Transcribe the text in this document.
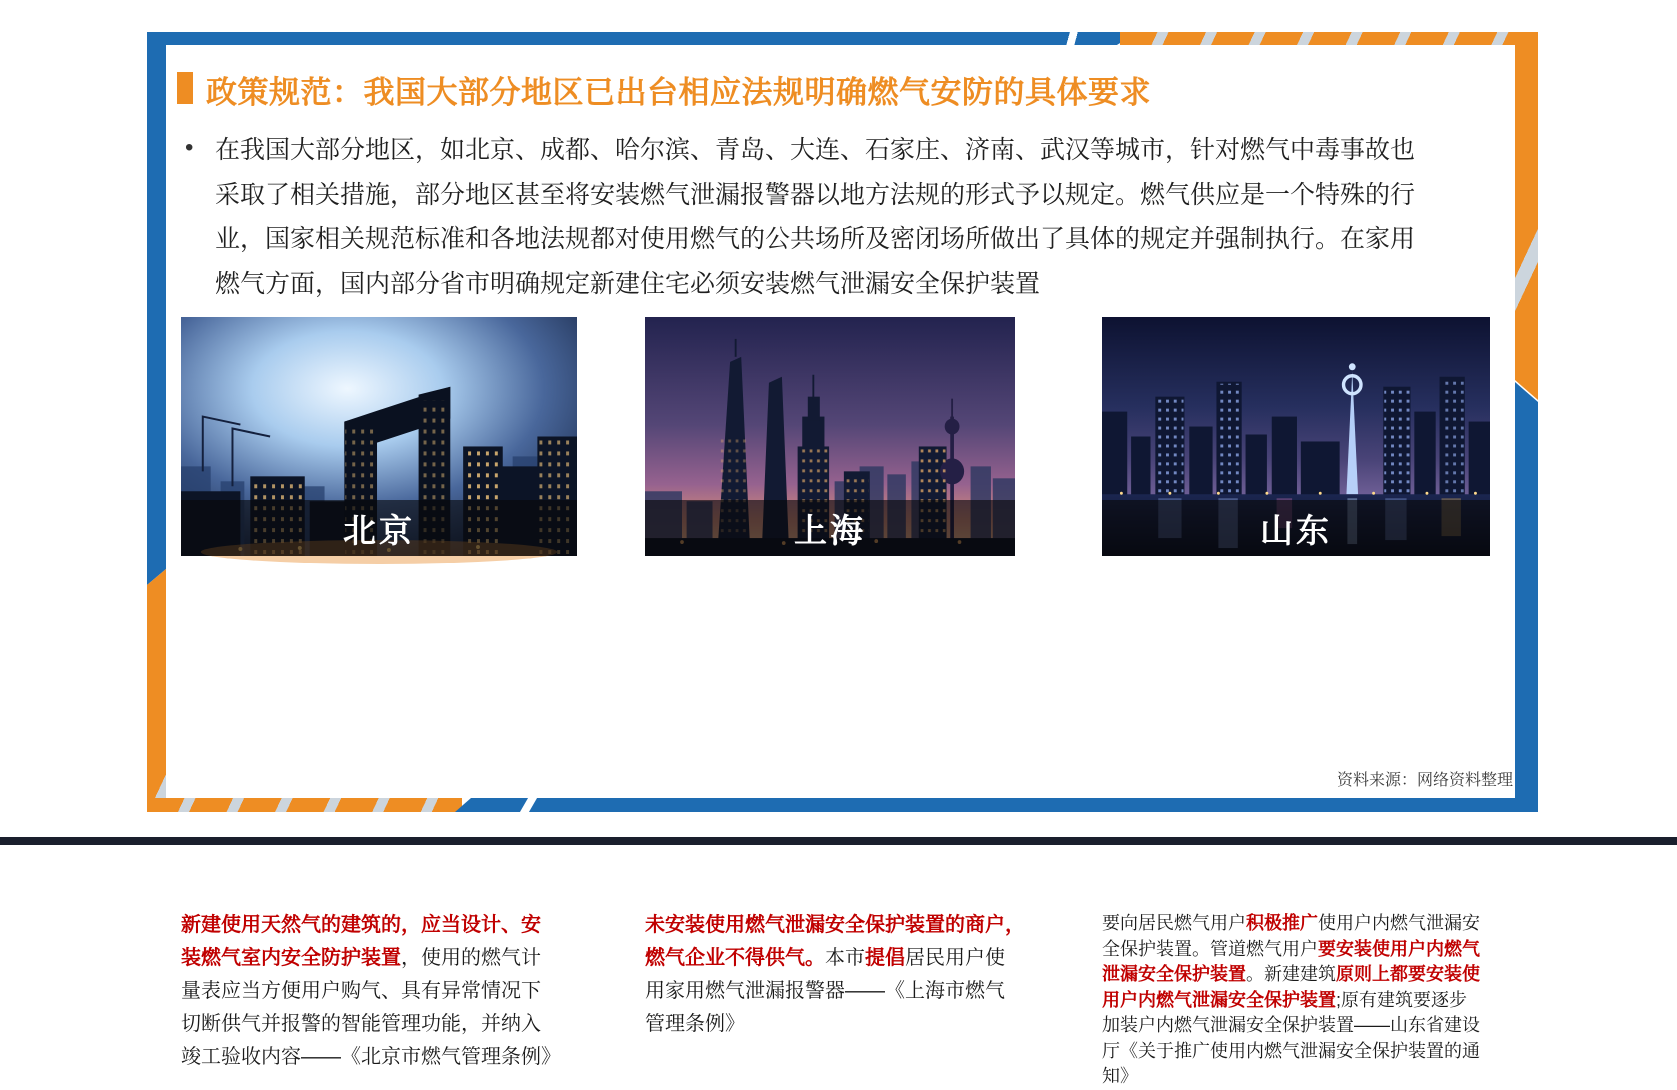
政策规范：我国大部分地区已出台相应法规明确燃气安防的具体要求
• 在我国大部分地区，如北京、成都、哈尔滨、青岛、大连、石家庄、济南、武汉等城市，针对燃气中毒事故也
采取了相关措施，部分地区甚至将安装燃气泄漏报警器以地方法规的形式予以规定。燃气供应是一个特殊的行
业，国家相关规范标准和各地法规都对使用燃气的公共场所及密闭场所做出了具体的规定并强制执行。在家用
燃气方面，国内部分省市明确规定新建住宅必须安装燃气泄漏安全保护装置
北京
新建使用天然气的建筑的，应当设计、安
装燃气室内安全防护装置，使用的燃气计
量表应当方便用户购气、具有异常情况下
切断供气并报警的智能管理功能，并纳入
竣工验收内容——《北京市燃气管理条例》
上海
未安装使用燃气泄漏安全保护装置的商户，
燃气企业不得供气。本市提倡居民用户使
用家用燃气泄漏报警器——《上海市燃气
管理条例》
山东
要向居民燃气用户积极推广使用户内燃气泄漏安
全保护装置。管道燃气用户要安装使用户内燃气
泄漏安全保护装置。新建建筑原则上都要安装使
用户内燃气泄漏安全保护装置;原有建筑要逐步
加装户内燃气泄漏安全保护装置——山东省建设
厅《关于推广使用内燃气泄漏安全保护装置的通
知》
资料来源：网络资料整理
